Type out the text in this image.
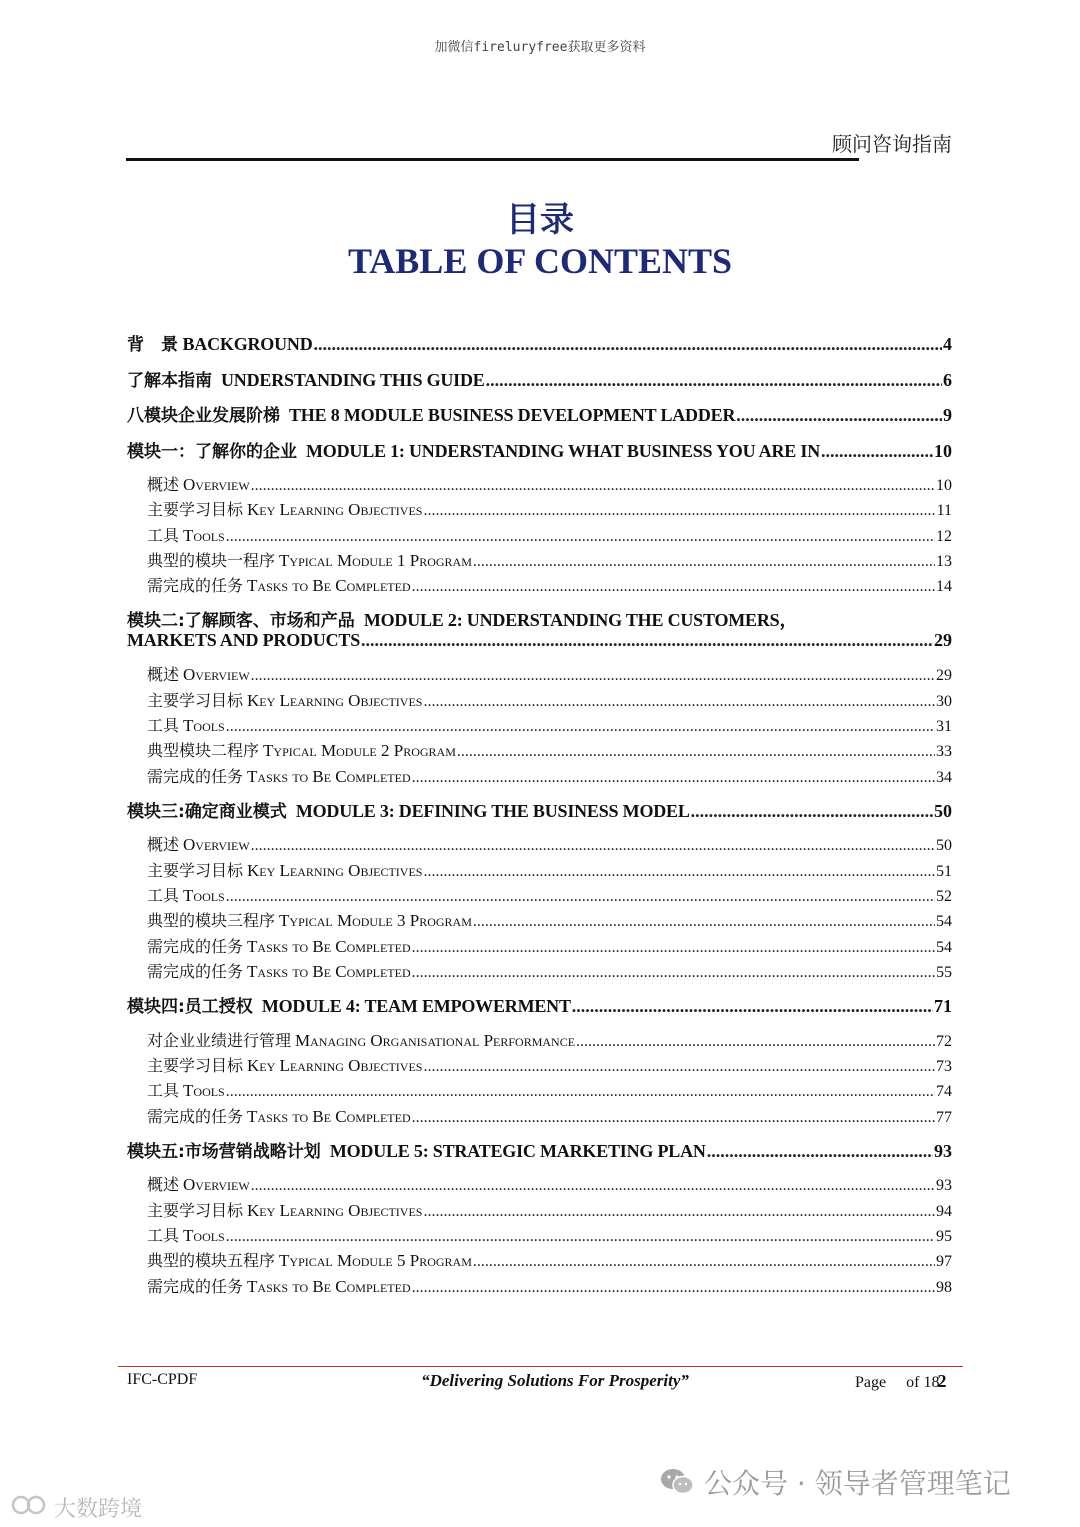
加微信fireluryfree获取更多资料
顾问咨询指南
目录
TABLE OF CONTENTS
背　景 BACKGROUND .....	4
了解本指南 UNDERSTANDING THIS GUIDE .....	6
八模块企业发展阶梯 THE 8 MODULE BUSINESS DEVELOPMENT LADDER .....	9
模块一：了解你的企业 MODULE 1: UNDERSTANDING WHAT BUSINESS YOU ARE IN .....	10
概述 Overview .....	10
主要学习目标 Key Learning Objectives .....	11
工具 Tools .....	12
典型的模块一程序 Typical Module 1 Program .....	13
需完成的任务 Tasks to Be Completed .....	14
模块二:了解顾客、市场和产品 MODULE 2: UNDERSTANDING THE CUSTOMERS，
MARKETS AND PRODUCTS .....	29
概述 Overview .....	29
主要学习目标 Key Learning Objectives .....	30
工具 Tools .....	31
典型模块二程序 Typical Module 2 Program .....	33
需完成的任务 Tasks to Be Completed .....	34
模块三:确定商业模式 MODULE 3: DEFINING THE BUSINESS MODEL .....	50
概述 Overview .....	50
主要学习目标 Key Learning Objectives .....	51
工具 Tools .....	52
典型的模块三程序 Typical Module 3 Program .....	54
需完成的任务 Tasks to Be Completed .....	54
需完成的任务 Tasks to Be Completed .....	55
模块四:员工授权 MODULE 4: TEAM EMPOWERMENT .....	71
对企业业绩进行管理 Managing Organisational Performance .....	72
主要学习目标 Key Learning Objectives .....	73
工具 Tools .....	74
需完成的任务 Tasks to Be Completed .....	77
模块五:市场营销战略计划 MODULE 5: STRATEGIC MARKETING PLAN .....	93
概述 Overview .....	93
主要学习目标 Key Learning Objectives .....	94
工具 Tools .....	95
典型的模块五程序 Typical Module 5 Program .....	97
需完成的任务 Tasks to Be Completed .....	98
IFC-CPDF	“Delivering Solutions For Prosperity”	Page of 182
公众号 · 领导者管理笔记
大数跨境
